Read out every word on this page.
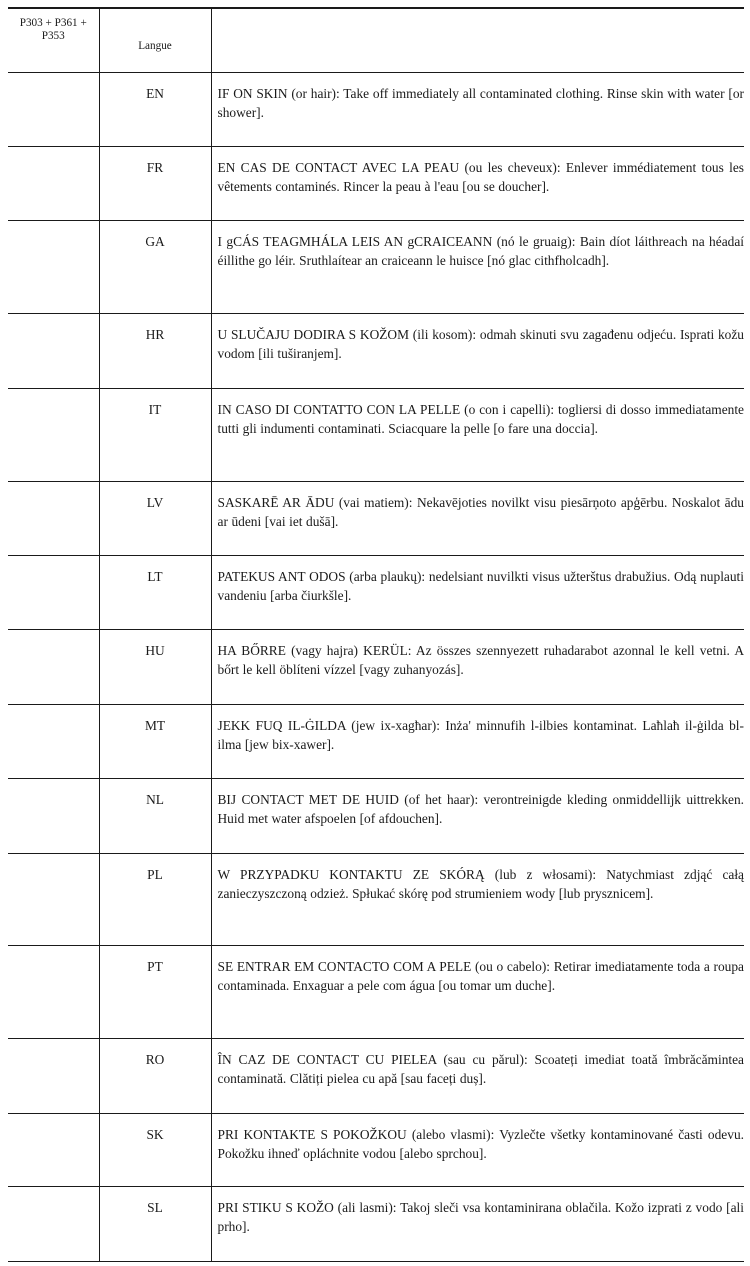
P303 + P361 + P353	Langue	

	EN	IF ON SKIN (or hair): Take off immediately all contaminated clothing. Rinse skin with water [or shower].

	FR	EN CAS DE CONTACT AVEC LA PEAU (ou les cheveux): Enlever immédiatement tous les vêtements contaminés. Rincer la peau à l'eau [ou se doucher].

	GA	I gCÁS TEAGMHÁLA LEIS AN gCRAICEANN (nó le gruaig): Bain díot láithreach na héadaí éillithe go léir. Sruthlaítear an craiceann le huisce [nó glac cithfholcadh].

	HR	U SLUČAJU DODIRA S KOŽOM (ili kosom): odmah skinuti svu zagađenu odjeću. Isprati kožu vodom [ili tuširanjem].

	IT	IN CASO DI CONTATTO CON LA PELLE (o con i capelli): togliersi di dosso immediatamente tutti gli indumenti contaminati. Sciacquare la pelle [o fare una doccia].

	LV	SASKARĒ AR ĀDU (vai matiem): Nekavējoties novilkt visu piesārņoto apģērbu. Noskalot ādu ar ūdeni [vai iet dušā].

	LT	PATEKUS ANT ODOS (arba plaukų): nedelsiant nuvilkti visus užterštus drabužius. Odą nuplauti vandeniu [arba čiurkšle].

	HU	HA BŐRRE (vagy hajra) KERÜL: Az összes szennyezett ruhadarabot azonnal le kell vetni. A bőrt le kell öblíteni vízzel [vagy zuhanyozás].

	MT	JEKK FUQ IL-ĠILDA (jew ix-xagħar): Inża' minnufih l-ilbies kontaminat. Laħlaħ il-ġilda bl-ilma [jew bix-xawer].

	NL	BIJ CONTACT MET DE HUID (of het haar): verontreinigde kleding onmiddellijk uittrekken. Huid met water afspoelen [of afdouchen].

	PL	W PRZYPADKU KONTAKTU ZE SKÓRĄ (lub z włosami): Natychmiast zdjąć całą zanieczyszczoną odzież. Spłukać skórę pod strumieniem wody [lub prysznicem].

	PT	SE ENTRAR EM CONTACTO COM A PELE (ou o cabelo): Retirar imediatamente toda a roupa contaminada. Enxaguar a pele com água [ou tomar um duche].

	RO	ÎN CAZ DE CONTACT CU PIELEA (sau cu părul): Scoateți imediat toată îmbrăcămintea contaminată. Clătiți pielea cu apă [sau faceți duș].

	SK	PRI KONTAKTE S POKOŽKOU (alebo vlasmi): Vyzlečte všetky kontaminované časti odevu. Pokožku ihneď opláchnite vodou [alebo sprchou].

	SL	PRI STIKU S KOŽO (ali lasmi): Takoj sleči vsa kontaminirana oblačila. Kožo izprati z vodo [ali prho].
